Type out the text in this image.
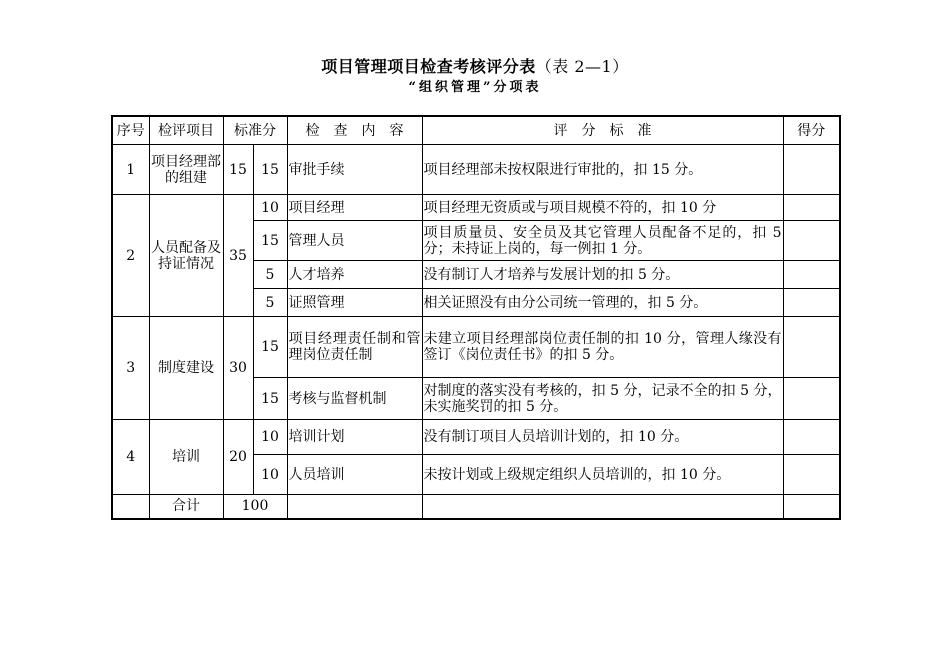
项目管理项目检查考核评分表（表 2—1）
“组织管理”分项表
序号	检评项目	标准分		检　查　内　容	评　分　标　准	得分
1	项目经理部的组建	15	15	审批手续	项目经理部未按权限进行审批的，扣 15 分。	
2	人员配备及持证情况	35	10	项目经理	项目经理无资质或与项目规模不符的，扣 10 分	
			15	管理人员	项目质量员、安全员及其它管理人员配备不足的，扣 5 分；未持证上岗的，每一例扣 1 分。	
			5	人才培养	没有制订人才培养与发展计划的扣 5 分。	
			5	证照管理	相关证照没有由分公司统一管理的，扣 5 分。	
3	制度建设	30	15	项目经理责任制和管理岗位责任制	未建立项目经理部岗位责任制的扣 10 分，管理人缘没有签订《岗位责任书》的扣 5 分。	
			15	考核与监督机制	对制度的落实没有考核的，扣 5 分，记录不全的扣 5 分，未实施奖罚的扣 5 分。	
4	培训	20	10	培训计划	没有制订项目人员培训计划的，扣 10 分。	
			10	人员培训	未按计划或上级规定组织人员培训的，扣 10 分。	
	合计	100				
